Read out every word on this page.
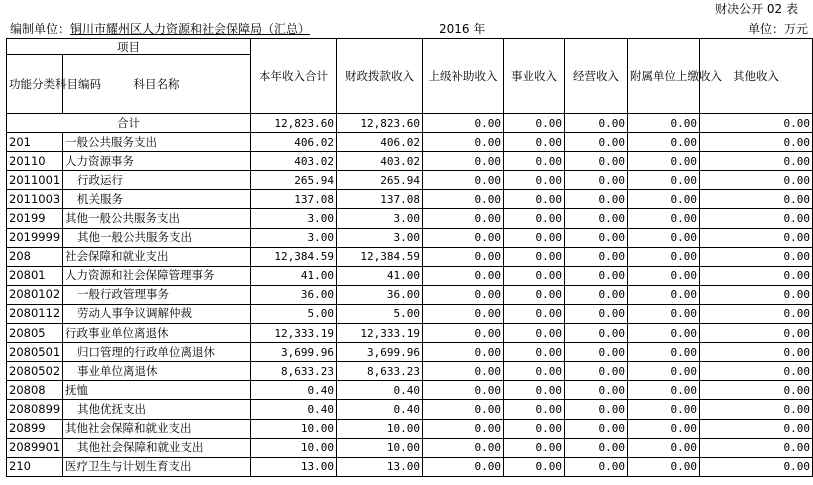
财决公开 02 表
编制单位：铜川市耀州区人力资源和社会保障局（汇总）	2016 年	单位：万元
项目		本年收入合计	财政拨款收入	上级补助收入	事业收入	经营收入	附属单位上缴收入	其他收入
功能分类科目编码	科目名称							
合计		12,823.60	12,823.60	0.00	0.00	0.00	0.00	0.00
201	一般公共服务支出	406.02	406.02	0.00	0.00	0.00	0.00	0.00
20110	人力资源事务	403.02	403.02	0.00	0.00	0.00	0.00	0.00
2011001	行政运行	265.94	265.94	0.00	0.00	0.00	0.00	0.00
2011003	机关服务	137.08	137.08	0.00	0.00	0.00	0.00	0.00
20199	其他一般公共服务支出	3.00	3.00	0.00	0.00	0.00	0.00	0.00
2019999	其他一般公共服务支出	3.00	3.00	0.00	0.00	0.00	0.00	0.00
208	社会保障和就业支出	12,384.59	12,384.59	0.00	0.00	0.00	0.00	0.00
20801	人力资源和社会保障管理事务	41.00	41.00	0.00	0.00	0.00	0.00	0.00
2080102	一般行政管理事务	36.00	36.00	0.00	0.00	0.00	0.00	0.00
2080112	劳动人事争议调解仲裁	5.00	5.00	0.00	0.00	0.00	0.00	0.00
20805	行政事业单位离退休	12,333.19	12,333.19	0.00	0.00	0.00	0.00	0.00
2080501	归口管理的行政单位离退休	3,699.96	3,699.96	0.00	0.00	0.00	0.00	0.00
2080502	事业单位离退休	8,633.23	8,633.23	0.00	0.00	0.00	0.00	0.00
20808	抚恤	0.40	0.40	0.00	0.00	0.00	0.00	0.00
2080899	其他优抚支出	0.40	0.40	0.00	0.00	0.00	0.00	0.00
20899	其他社会保障和就业支出	10.00	10.00	0.00	0.00	0.00	0.00	0.00
2089901	其他社会保障和就业支出	10.00	10.00	0.00	0.00	0.00	0.00	0.00
210	医疗卫生与计划生育支出	13.00	13.00	0.00	0.00	0.00	0.00	0.00
